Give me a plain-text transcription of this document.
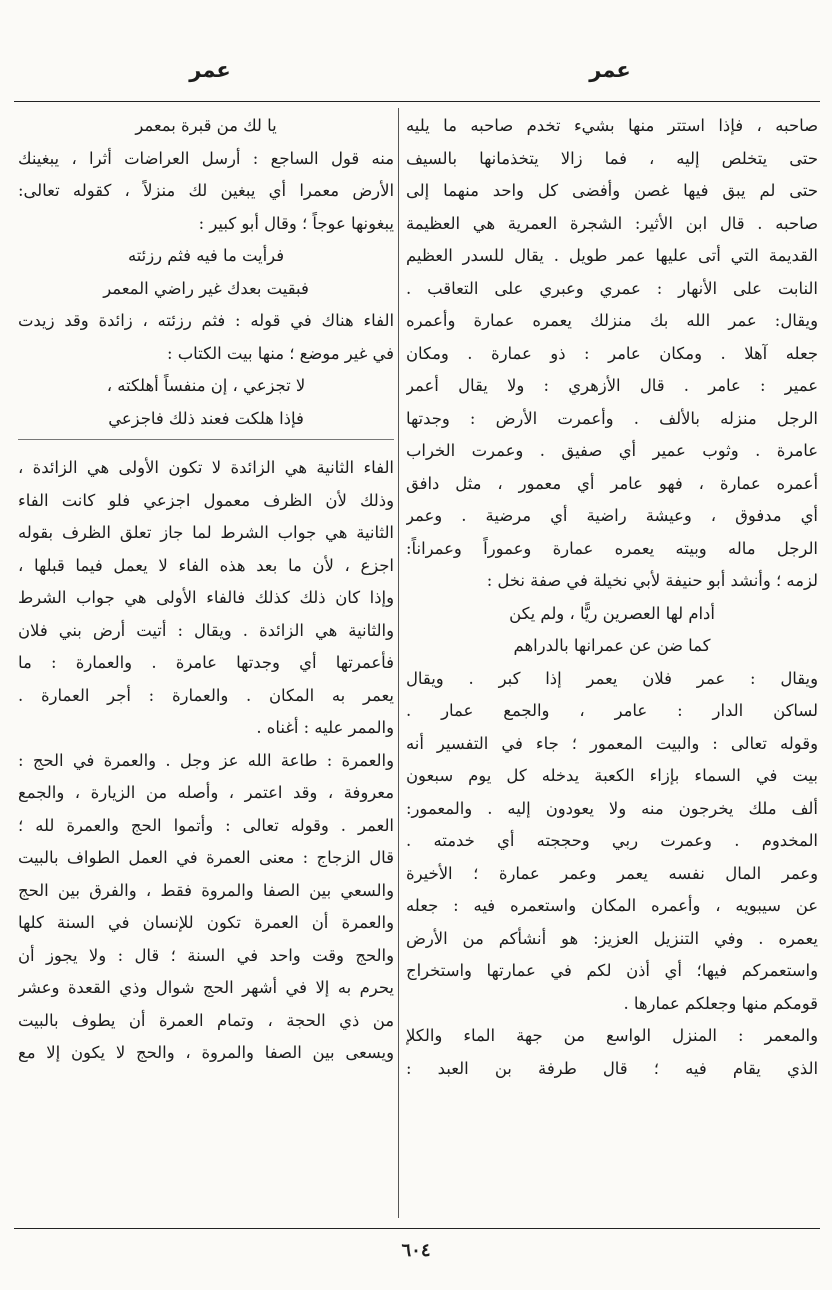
عمر
عمر

صاحبه ، فإذا استتر منها بشيء تخدم صاحبه ما يليه

حتى يتخلص إليه ، فما زالا يتخذمانها بالسيف

حتى لم يبق فيها غصن وأفضى كل واحد منهما إلى

صاحبه . قال ابن الأثير: الشجرة العمرية هي العظيمة

القديمة التي أتى عليها عمر طويل . يقال للسدر العظيم

النابت على الأنهار : عمري وعبري على التعاقب .

ويقال: عمر الله بك منزلك يعمره عمارة وأعمره

جعله آهلا . ومكان عامر : ذو عمارة . ومكان

عمير : عامر . قال الأزهري : ولا يقال أعمر

الرجل منزله بالألف . وأعمرت الأرض : وجدتها

عامرة . وثوب عمير أي صفيق . وعمرت الخراب

أعمره عمارة ، فهو عامر أي معمور ، مثل دافق

أي مدفوق ، وعيشة راضية أي مرضية . وعمر

الرجل ماله وبيته يعمره عمارة وعموراً وعمراناً:

لزمه ؛ وأنشد أبو حنيفة لأبي نخيلة في صفة نخل :

أدام لها العصرين ريًّا ، ولم يكن

كما ضن عن عمرانها بالدراهم

ويقال : عمر فلان يعمر إذا كبر . ويقال

لساكن الدار : عامر ، والجمع عمار .

وقوله تعالى : والبيت المعمور ؛ جاء في التفسير أنه

بيت في السماء بإزاء الكعبة يدخله كل يوم سبعون

ألف ملك يخرجون منه ولا يعودون إليه . والمعمور:

المخدوم . وعمرت ربي وحججته أي خدمته .

وعمر المال نفسه يعمر وعمر عمارة ؛ الأخيرة

عن سيبويه ، وأعمره المكان واستعمره فيه : جعله

يعمره . وفي التنزيل العزيز: هو أنشأكم من الأرض

واستعمركم فيها؛ أي أذن لكم في عمارتها واستخراج

قومكم منها وجعلكم عمارها .

والمعمر : المنزل الواسع من جهة الماء والكلإ

الذي يقام فيه ؛ قال طرفة بن العبد :

يا لك من قبرة بمعمر

منه قول الساجع : أرسل العراضات أثرا ، يبغينك

الأرض معمرا أي يبغين لك منزلاً ، كقوله تعالى:

يبغونها عوجاً ؛ وقال أبو كبير :

فرأيت ما فيه فثم رزئته

فبقيت بعدك غير راضي المعمر

الفاء هناك في قوله : فثم رزئته ، زائدة وقد زيدت

في غير موضع ؛ منها بيت الكتاب :

لا تجزعي ، إن منفساً أهلكته ،

فإذا هلكت فعند ذلك فاجزعي

الفاء الثانية هي الزائدة لا تكون الأولى هي الزائدة ،

وذلك لأن الظرف معمول اجزعي فلو كانت الفاء

الثانية هي جواب الشرط لما جاز تعلق الظرف بقوله

اجزع ، لأن ما بعد هذه الفاء لا يعمل فيما قبلها ،

وإذا كان ذلك كذلك فالفاء الأولى هي جواب الشرط

والثانية هي الزائدة . ويقال : أتيت أرض بني فلان

فأعمرتها أي وجدتها عامرة . والعمارة : ما

يعمر به المكان . والعمارة : أجر العمارة .

والممر عليه : أغناه .

والعمرة : طاعة الله عز وجل . والعمرة في الحج :

معروفة ، وقد اعتمر ، وأصله من الزيارة ، والجمع

العمر . وقوله تعالى : وأتموا الحج والعمرة لله ؛

قال الزجاج : معنى العمرة في العمل الطواف بالبيت

والسعي بين الصفا والمروة فقط ، والفرق بين الحج

والعمرة أن العمرة تكون للإنسان في السنة كلها

والحج وقت واحد في السنة ؛ قال : ولا يجوز أن

يحرم به إلا في أشهر الحج شوال وذي القعدة وعشر

من ذي الحجة ، وتمام العمرة أن يطوف بالبيت

ويسعى بين الصفا والمروة ، والحج لا يكون إلا مع

٦٠٤
